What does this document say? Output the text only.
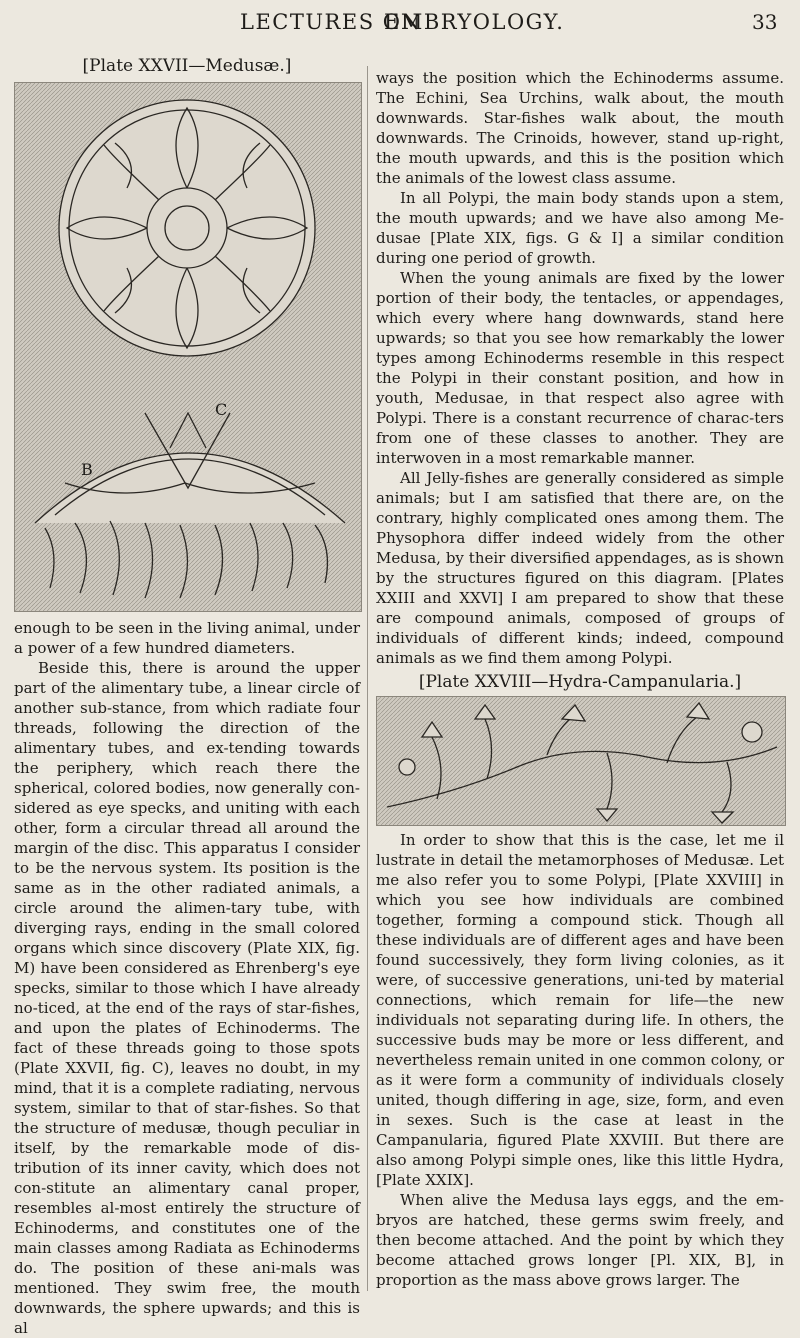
LECTURES ON
EMBRYOLOGY.	33

[Plate XXVII—Medusæ.]

C
B

enough to be seen in the living animal, under a power of a few hundred diameters.

Beside this, there is around the upper part of the alimentary tube, a linear circle of another sub-stance, from which radiate four threads, following the direction of the alimentary tubes, and ex-tending towards the periphery, which reach there the spherical, colored bodies, now generally con-sidered as eye specks, and uniting with each other, form a circular thread all around the margin of the disc. This apparatus I consider to be the nervous system. Its position is the same as in the other radiated animals, a circle around the alimen-tary tube, with diverging rays, ending in the small colored organs which since discovery (Plate XIX, fig. M) have been considered as Ehrenberg's eye specks, similar to those which I have already no-ticed, at the end of the rays of star-fishes, and upon the plates of Echinoderms. The fact of these threads going to those spots (Plate XXVII, fig. C), leaves no doubt, in my mind, that it is a complete radiating, nervous system, similar to that of star-fishes. So that the structure of medusæ, though peculiar in itself, by the remarkable mode of dis-tribution of its inner cavity, which does not con-stitute an alimentary canal proper, resembles al-most entirely the structure of Echinoderms, and constitutes one of the main classes among Radiata as Echinoderms do. The position of these ani-mals was mentioned. They swim free, the mouth downwards, the sphere upwards; and this is al

ways the position which the Echinoderms assume. The Echini, Sea Urchins, walk about, the mouth downwards. Star-fishes walk about, the mouth downwards. The Crinoids, however, stand up-right, the mouth upwards, and this is the position which the animals of the lowest class assume.

In all Polypi, the main body stands upon a stem, the mouth upwards; and we have also among Me-dusae [Plate XIX, figs. G & I] a similar condition during one period of growth.

When the young animals are fixed by the lower portion of their body, the tentacles, or appendages, which every where hang downwards, stand here upwards; so that you see how remarkably the lower types among Echinoderms resemble in this respect the Polypi in their constant position, and how in youth, Medusae, in that respect also agree with Polypi. There is a constant recurrence of charac-ters from one of these classes to another. They are interwoven in a most remarkable manner.

All Jelly-fishes are generally considered as simple animals; but I am satisfied that there are, on the contrary, highly complicated ones among them. The Physophora differ indeed widely from the other Medusa, by their diversified appendages, as is shown by the structures figured on this diagram. [Plates XXIII and XXVI] I am prepared to show that these are compound animals, composed of groups of individuals of different kinds; indeed, compound animals as we find them among Polypi.

[Plate XXVIII—Hydra-Campanularia.]

In order to show that this is the case, let me il lustrate in detail the metamorphoses of Medusæ. Let me also refer you to some Polypi, [Plate XXVIII] in which you see how individuals are combined together, forming a compound stick. Though all these individuals are of different ages and have been found successively, they form living colonies, as it were, of successive generations, uni-ted by material connections, which remain for life—the new individuals not separating during life. In others, the successive buds may be more or less different, and nevertheless remain united in one common colony, or as it were form a community of individuals closely united, though differing in age, size, form, and even in sexes. Such is the case at least in the Campanularia, figured Plate XXVIII. But there are also among Polypi simple ones, like this little Hydra, [Plate XXIX].

When alive the Medusa lays eggs, and the em-bryos are hatched, these germs swim freely, and then become attached. And the point by which they become attached grows longer [Pl. XIX, B], in proportion as the mass above grows larger. The
